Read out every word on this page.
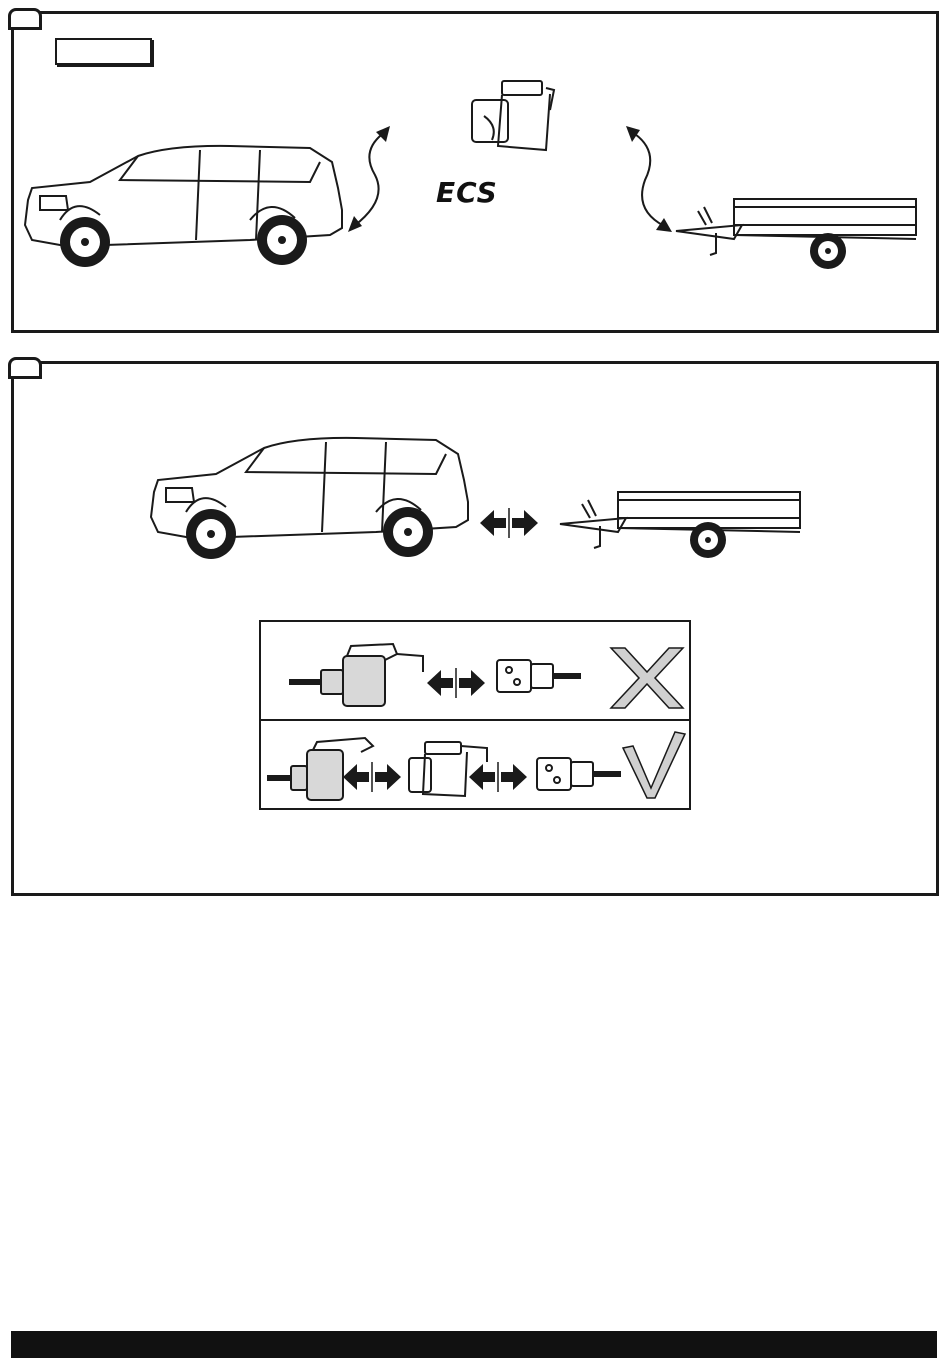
ECS
